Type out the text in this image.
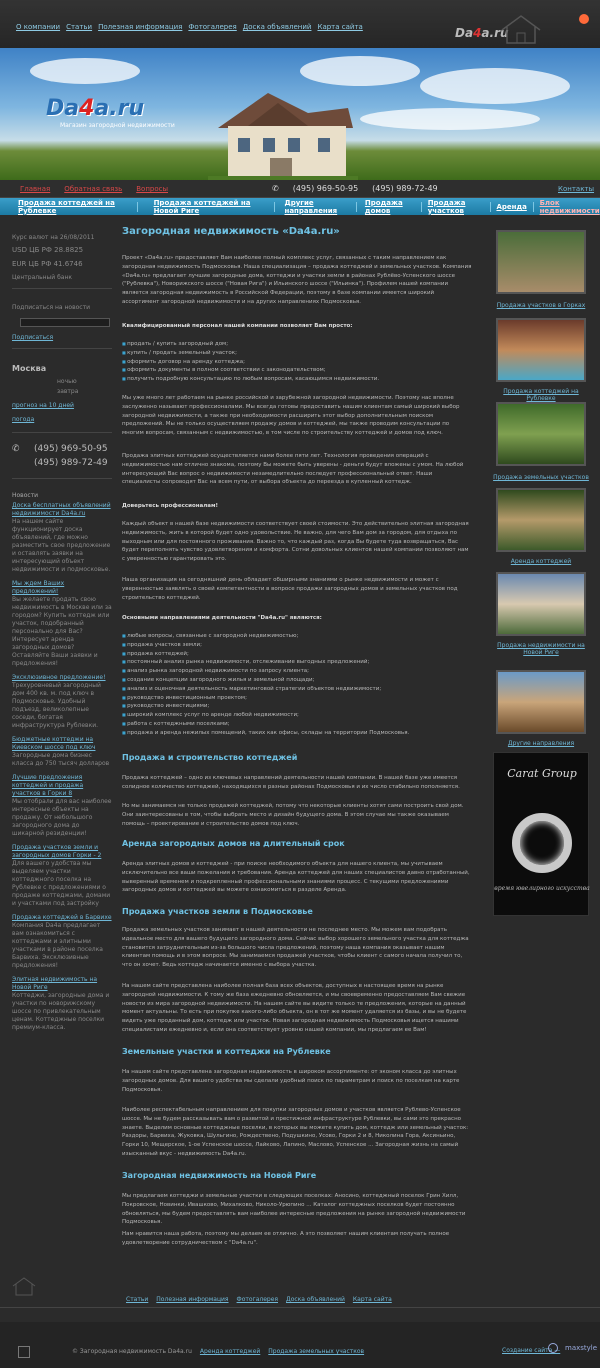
О компании Статьи Полезная информация Фотогалерея Доска объявлений Карта сайта	Da4a.ru
Da4a.ru
Магазин загородной недвижимости
Главная Обратная связь Вопросы	✆ (495) 969-50-95 (495) 989-72-49	Контакты
Продажа коттеджей на Рублевке
Продажа коттеджей на Новой Риге
Другие направления
Продажа домов
Продажа участков	Аренда Блок недвижимости
Курс валют на 26/08/2011
USD ЦБ РФ 28.8825
EUR ЦБ РФ 41.6746
Центральный банк
Подписаться на новости
Подписаться
Москва
ночью
завтра
прогноз на 10 дней
погода
✆ (495) 969-50-95
(495) 989-72-49
Новости
Доска бесплатных объявлений недвижимости Da4a.ru
На нашем сайте функционирует доска объявлений, где можно разместить свое предложение и оставлять заявки на интересующий объект недвижимости и подмосковье.
Мы ждем Ваших предложений!
Вы желаете продать свою недвижимость в Москве или за городом? Купить коттедж или участок, подобранный персонально для Вас? Интересует аренда загородных домов? Оставляйте Ваши заявки и предложения!
Эксклюзивное предложение!
Трехуровневый загородный дом 400 кв. м. под ключ в Подмосковье. Удобный подъезд, великолепные соседи, богатая инфраструктура Рублевки.
Бюджетные коттеджи на Киевском шоссе под ключ
Загородные дома бизнес класса до 750 тысяч долларов
Лучшие предложения коттеджей и продажа участков в Горки 8
Мы отобрали для вас наиболее интересные объекты на продажу. От небольшого загородного дома до шикарной резиденции!
Продажа участков земли и загородных домов Горки - 2
Для вашего удобства мы выделяем участки коттеджного поселка на Рублевке с предложениями о продаже коттеджами, домами и участками под застройку
Продажа коттеджей в Барвихе
Компания Da4a предлагает вам ознакомиться с коттеджами и элитными участками в районе поселка Барвиха. Эксклюзивные предложения!
Элитная недвижимость на Новой Риге
Коттеджи, загородные дома и участки по новорижскому шоссе по привлекательным ценам. Коттеджные поселки премиум-класса.
Загородная недвижимость «Da4a.ru»

Проект «Da4a.ru» предоставляет Вам наиболее полный комплекс услуг, связанных с таким направлением как загородная недвижимость Подмосковья. Наша специализация – продажа коттеджей и земельных участков. Компания «Da4a.ru» предлагает лучшие загородные дома, коттеджи и участки земли в районах Рублёво-Успенского шоссе ("Рублевка"), Новорижского шоссе ("Новая Рига") и Ильинского шоссе ("Ильинка"). Профилем нашей компании является загородная недвижимость в Российской Федерации, поэтому в базе компании имеется широкий ассортимент загородной недвижимости и на других направлениях Подмосковья.

Квалифицированный персонал нашей компании позволяет Вам просто:

■ продать / купить загородный дом;
■ купить / продать земельный участок;
■ оформить договор на аренду коттеджа;
■ оформить документы в полном соответствии с законодательством;
■ получить подробную консультацию по любым вопросам, касающимся недвижимости.

Мы уже много лет работаем на рынке российской и зарубежной загородной недвижимости. Поэтому нас вполне заслуженно называют профессионалами. Мы всегда готовы предоставить нашим клиентам самый широкий выбор загородной недвижимости, а также при необходимости расширить этот выбор дополнительным поиском предложений. Мы не только осуществляем продажу домов и коттеджей, мы также проводим консультации по многим вопросам, связанным с недвижимостью, в том числе по строительству коттеджей и домов под ключ.

Продажа элитных коттеджей осуществляется нами более пяти лет. Технология проведения операций с недвижимостью нам отлично знакома, поэтому Вы можете быть уверены - деньги будут вложены с умом. На любой интересующий Вас вопрос о недвижимости незамедлительно последует профессиональный ответ. Наши специалисты сопроводят Вас на всем пути, от выбора объекта до переезда в купленный коттедж.

Доверьтесь профессионалам!

Каждый объект в нашей базе недвижимости соответствует своей стоимости. Это действительно элитная загородная недвижимость, жить в которой будет одно удовольствие. Не важно, для чего Вам дом за городом, для отдыха по выходным или для постоянного проживания. Важно то, что каждый раз, когда Вы будете туда возвращаться, Вас будет переполнять чувство удовлетворения и комфорта. Сотни довольных клиентов нашей компании позволяют нам с уверенностью гарантировать это.

Наша организация на сегодняшний день обладает обширными знаниями о рынке недвижимости и может с уверенностью заявлять о своей компетентности в вопросе продажи загородных домов и земельных участков под строительство коттеджей.

Основными направлениями деятельности "Da4a.ru" являются:

■ любые вопросы, связанные с загородной недвижимостью;
■ продажа участков земли;
■ продажа коттеджей;
■ постоянный анализ рынка недвижимости, отслеживание выгодных предложений;
■ анализ рынка загородной недвижимости по запросу клиента;
■ создание концепции загородного жилья и земельной площади;
■ анализ и оценочная деятельность маркетинговой стратегии объектов недвижимости;
■ руководство инвестиционным проектом;
■ руководство инвестициями;
■ широкий комплекс услуг по аренде любой недвижимости;
■ работа с коттеджными поселками;
■ продажа и аренда нежилых помещений, таких как офисы, склады на территории Подмосковья.
Продажа и строительство коттеджей

Продажа коттеджей – одно из ключевых направлений деятельности нашей компании. В нашей базе уже имеется солидное количество коттеджей, находящихся в разных районах Подмосковья и их число стабильно пополняется.

Но мы занимаемся не только продажей коттеджей, потому что некоторые клиенты хотят сами построить свой дом. Они заинтересованы в том, чтобы выбрать место и дизайн будущего дома. В этом случае мы также оказываем помощь – проектирование и строительство домов под ключ.

Аренда загородных домов на длительный срок

Аренда элитных домов и коттеджей - при поиске необходимого объекта для нашего клиента, мы учитываем исключительно все ваши пожелания и требования. Аренда коттеджей для наших специалистов давно отработанный, выверенный временем и подкрепленный профессиональными знаниями процесс. С текущими предложениями загородных домов и коттеджей вы можете ознакомиться в разделе Аренда.

Продажа участков земли в Подмосковье

Продажа земельных участков занимает в нашей деятельности не последнее место. Мы можем вам подобрать идеальное место для вашего будущего загородного дома. Сейчас выбор хорошего земельного участка для коттеджа становится затруднительным из-за большого числа предложений, поэтому наша компания оказывает нашим клиентам помощь и в этом вопросе. Мы занимаемся продажей участков, чтобы клиент с самого начала получил то, что он хочет. Ведь коттедж начинается именно с выбора участка.

На нашем сайте представлена наиболее полная база всех объектов, доступных в настоящее время на рынке загородной недвижимости. К тому же база ежедневно обновляется, и мы своевременно предоставляем Вам свежие новости из мира загородной недвижимости. На нашем сайте вы видите только те предложения, которые на данный момент актуальны. То есть при покупке какого-либо объекта, он в тот же момент удаляется из базы, и вы не будете видеть уже проданный дом, коттедж или участок. Новая загородная недвижимость Подмосковья ищется нашими специалистами ежедневно и, если она соответствует уровню нашей компании, мы предлагаем ее Вам!

Земельные участки и коттеджи на Рублевке

На нашем сайте представлена загородная недвижимость в широком ассортименте: от эконом класса до элитных загородных домов. Для вашего удобства мы сделали удобный поиск по параметрам и поиск по поселкам на карте Подмосковья.

Наиболее респектабельным направлением для покупки загородных домов и участков является Рублево-Успенское шоссе. Мы не будем рассказывать вам о развитой и престижной инфраструктуре Рублевки, вы сами это прекрасно знаете. Выделим основные коттеджные поселки, в которых вы можете купить дом, коттедж или земельный участок: Раздоры, Барвиха, Жуковка, Шульгино, Рождествено, Подушкино, Усово, Горки 2 и 8, Николина Гора, Аксиньино, Горки 10, Мещерское, 1-ое Успенское шоссе, Лайково, Лапино, Маслово, Успенское ... Загородная жизнь на самый изысканный вкус - недвижимость Da4a.ru.

Загородная недвижимость на Новой Риге

Мы предлагаем коттеджи и земельные участки в следующих поселках: Аносино, коттеджный поселок Грин Хилл, Покровское, Новинки, Ивашково, Михалково, Николо-Урюпино ... Каталог коттеджных поселков будет постоянно обновляться, мы будем предоставлять вам наиболее интересные предложения на рынке загородной недвижимости Подмосковья.

Нам нравится наша работа, поэтому мы делаем ее отлично. А это позволяет нашим клиентам получать полное удовлетворение сотрудничеством с "Da4a.ru".

Продажа участков в Горках
Продажа коттеджей на Рублевке
Продажа земельных участков
Аренда коттеджей
Продажа недвижимости на Новой Риге
Другие направления
Carat Group
время ювелирного искусства
Статьи Полезная информация Фотогалерея Доска объявлений Карта сайта
© Загородная недвижимость Da4a.ru Аренда коттеджей Продажа земельных участков	Создание сайта — maxstyle
